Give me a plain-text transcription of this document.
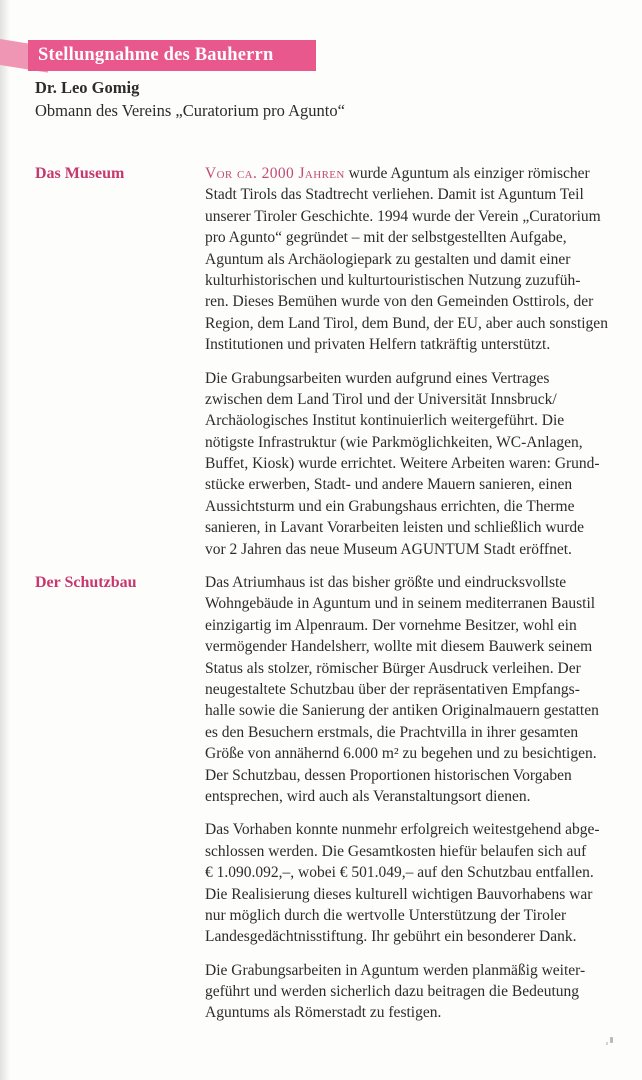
Stellungnahme des Bauherrn
Dr. Leo Gomig
Obmann des Vereins „Curatorium pro Agunto“
Das Museum	Vor ca. 2000 Jahren wurde Aguntum als einziger römischer
Stadt Tirols das Stadtrecht verliehen. Damit ist Aguntum Teil
unserer Tiroler Geschichte. 1994 wurde der Verein „Curatorium
pro Agunto“ gegründet – mit der selbstgestellten Aufgabe,
Aguntum als Archäologiepark zu gestalten und damit einer
kulturhistorischen und kulturtouristischen Nutzung zuzufüh-
ren. Dieses Bemühen wurde von den Gemeinden Osttirols, der
Region, dem Land Tirol, dem Bund, der EU, aber auch sonstigen
Institutionen und privaten Helfern tatkräftig unterstützt.
Die Grabungsarbeiten wurden aufgrund eines Vertrages
zwischen dem Land Tirol und der Universität Innsbruck/
Archäologisches Institut kontinuierlich weitergeführt. Die
nötigste Infrastruktur (wie Parkmöglichkeiten, WC-Anlagen,
Buffet, Kiosk) wurde errichtet. Weitere Arbeiten waren: Grund-
stücke erwerben, Stadt- und andere Mauern sanieren, einen
Aussichtsturm und ein Grabungshaus errichten, die Therme
sanieren, in Lavant Vorarbeiten leisten und schließlich wurde
vor 2 Jahren das neue Museum AGUNTUM Stadt eröffnet.
Der Schutzbau	Das Atriumhaus ist das bisher größte und eindrucksvollste
Wohngebäude in Aguntum und in seinem mediterranen Baustil
einzigartig im Alpenraum. Der vornehme Besitzer, wohl ein
vermögender Handelsherr, wollte mit diesem Bauwerk seinem
Status als stolzer, römischer Bürger Ausdruck verleihen. Der
neugestaltete Schutzbau über der repräsentativen Empfangs-
halle sowie die Sanierung der antiken Originalmauern gestatten
es den Besuchern erstmals, die Prachtvilla in ihrer gesamten
Größe von annähernd 6.000 m² zu begehen und zu besichtigen.
Der Schutzbau, dessen Proportionen historischen Vorgaben
entsprechen, wird auch als Veranstaltungsort dienen.
Das Vorhaben konnte nunmehr erfolgreich weitestgehend abge-
schlossen werden. Die Gesamtkosten hiefür belaufen sich auf
€ 1.090.092,–, wobei € 501.049,– auf den Schutzbau entfallen.
Die Realisierung dieses kulturell wichtigen Bauvorhabens war
nur möglich durch die wertvolle Unterstützung der Tiroler
Landesgedächtnisstiftung. Ihr gebührt ein besonderer Dank.
Die Grabungsarbeiten in Aguntum werden planmäßig weiter-
geführt und werden sicherlich dazu beitragen die Bedeutung
Aguntums als Römerstadt zu festigen.
